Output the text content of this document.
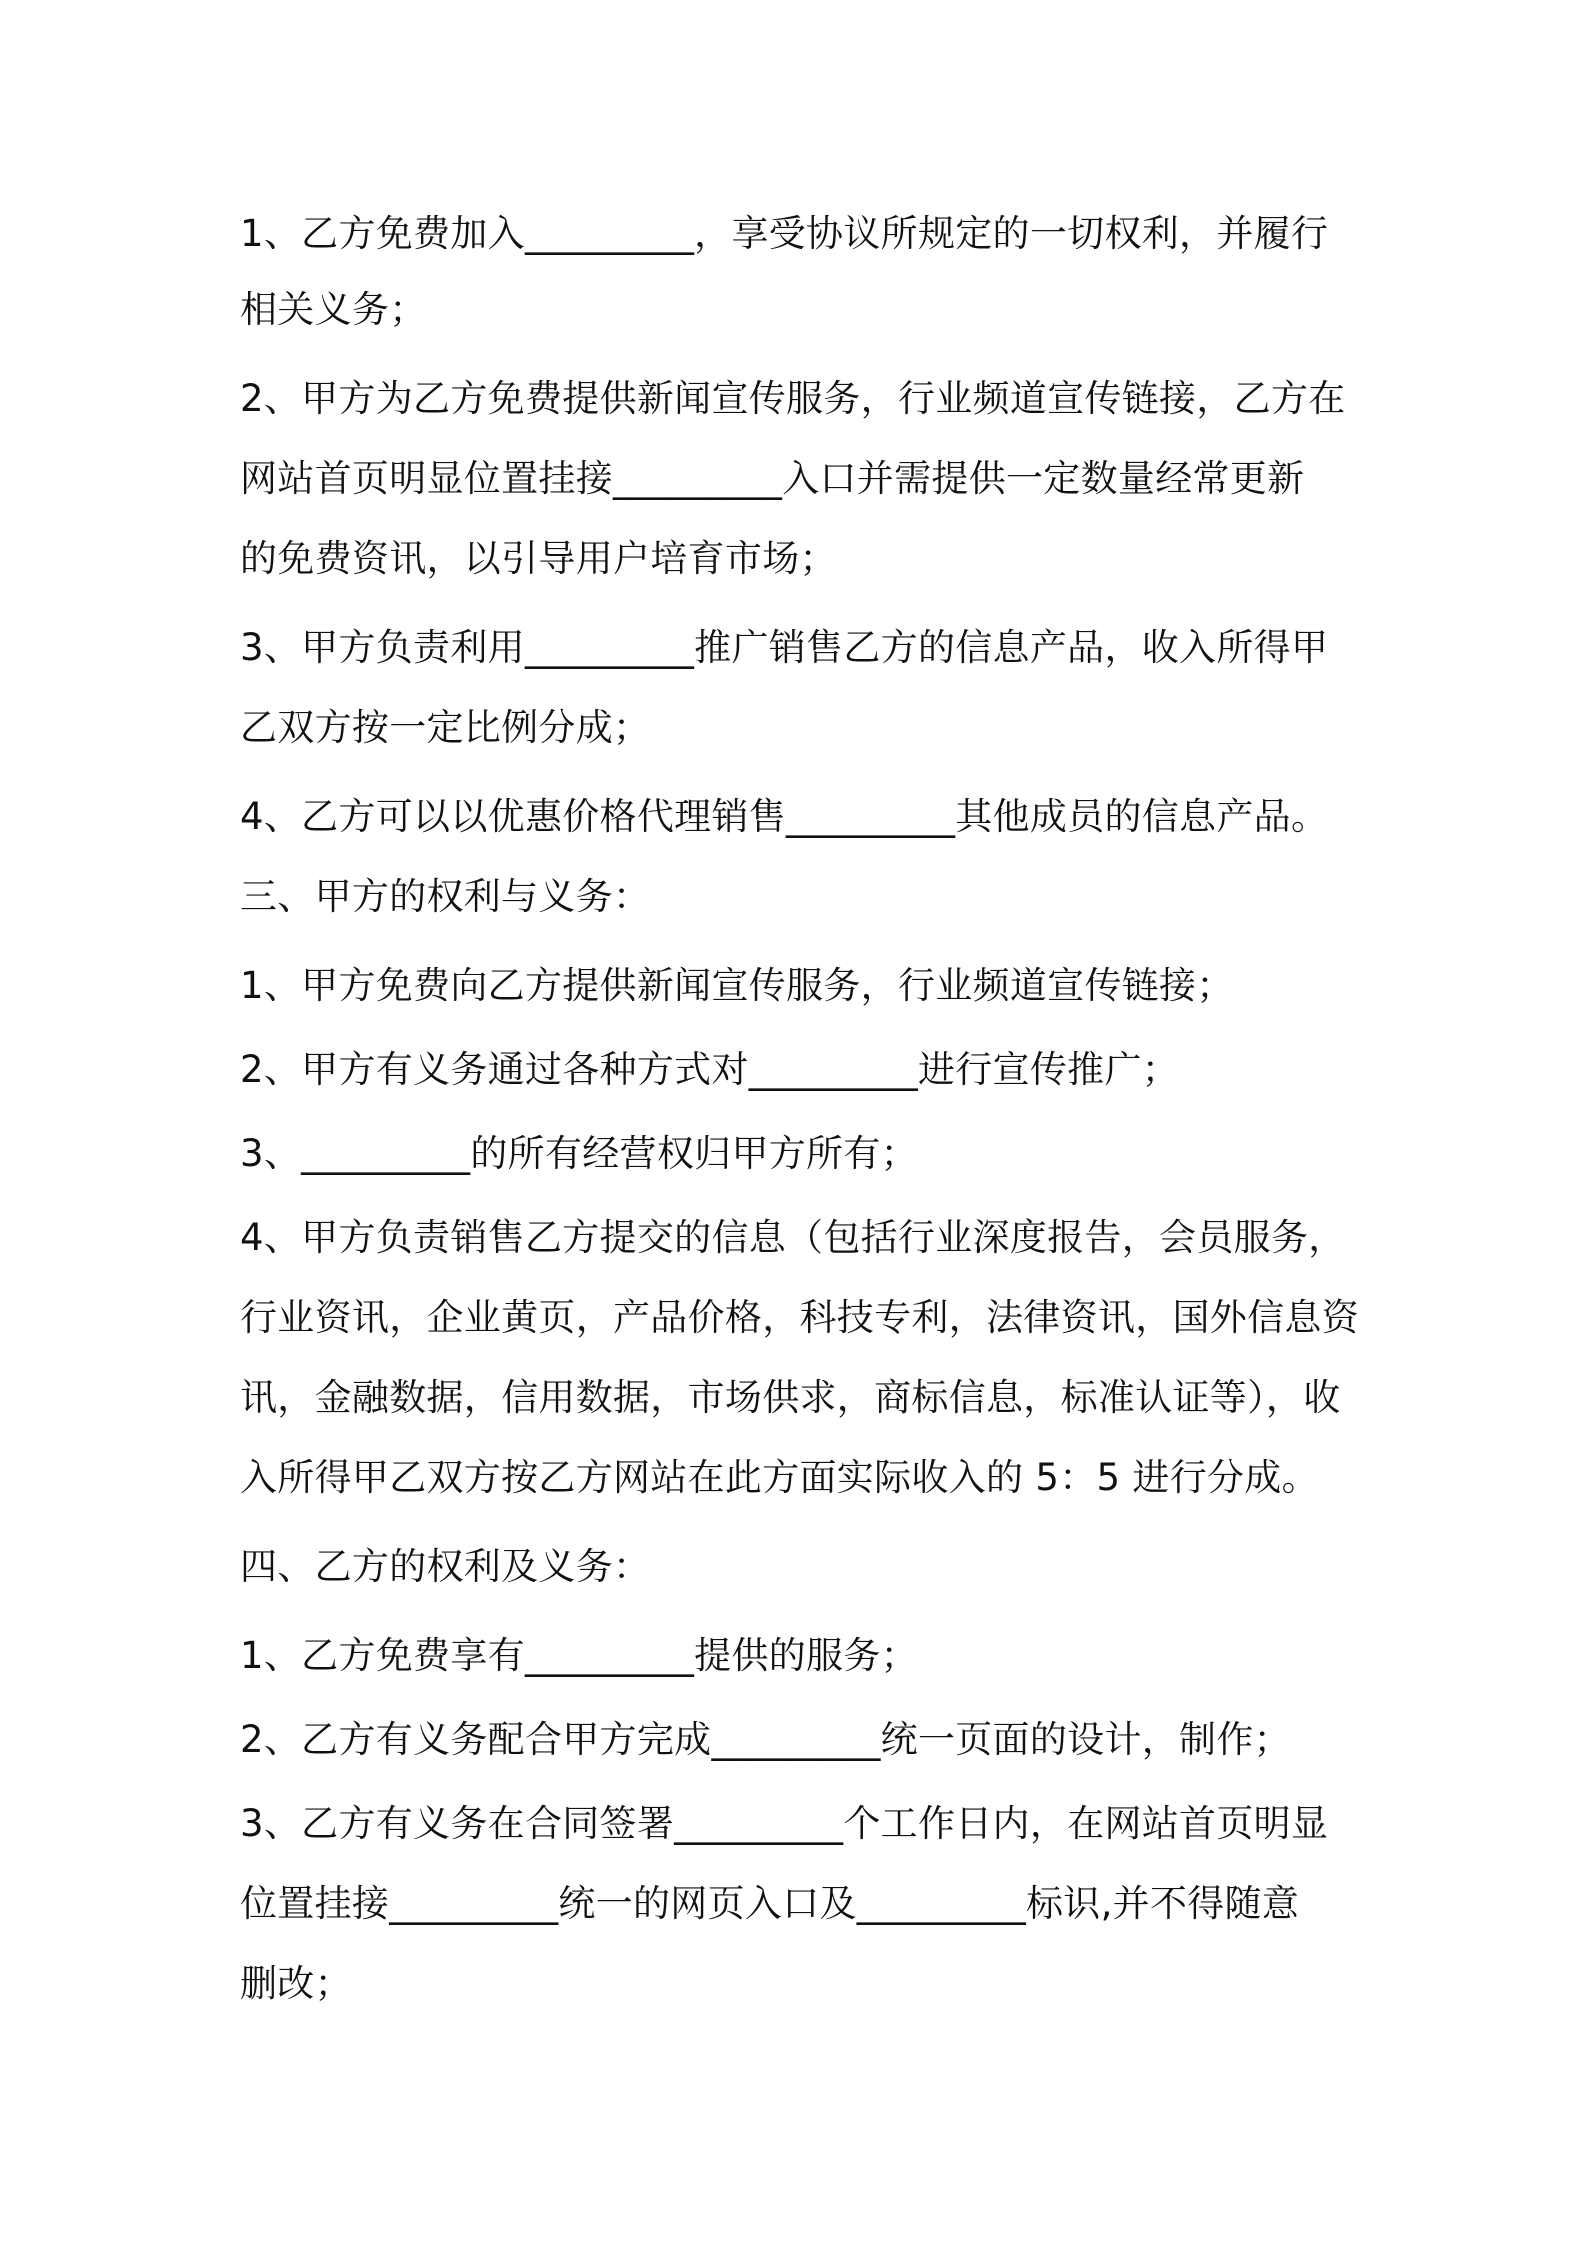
1、乙方免费加入_________，享受协议所规定的一切权利，并履行

相关义务；

2、甲方为乙方免费提供新闻宣传服务，行业频道宣传链接，乙方在

网站首页明显位置挂接_________入口并需提供一定数量经常更新

的免费资讯，以引导用户培育市场；

3、甲方负责利用_________推广销售乙方的信息产品，收入所得甲

乙双方按一定比例分成；

4、乙方可以以优惠价格代理销售_________其他成员的信息产品。

三、甲方的权利与义务：

1、甲方免费向乙方提供新闻宣传服务，行业频道宣传链接；

2、甲方有义务通过各种方式对_________进行宣传推广；

3、_________的所有经营权归甲方所有；

4、甲方负责销售乙方提交的信息（包括行业深度报告，会员服务，

行业资讯，企业黄页，产品价格，科技专利，法律资讯，国外信息资

讯，金融数据，信用数据，市场供求，商标信息，标准认证等），收

入所得甲乙双方按乙方网站在此方面实际收入的 5：5 进行分成。

四、乙方的权利及义务：

1、乙方免费享有_________提供的服务；

2、乙方有义务配合甲方完成_________统一页面的设计，制作；

3、乙方有义务在合同签署_________个工作日内，在网站首页明显

位置挂接_________统一的网页入口及_________标识,并不得随意

删改；
